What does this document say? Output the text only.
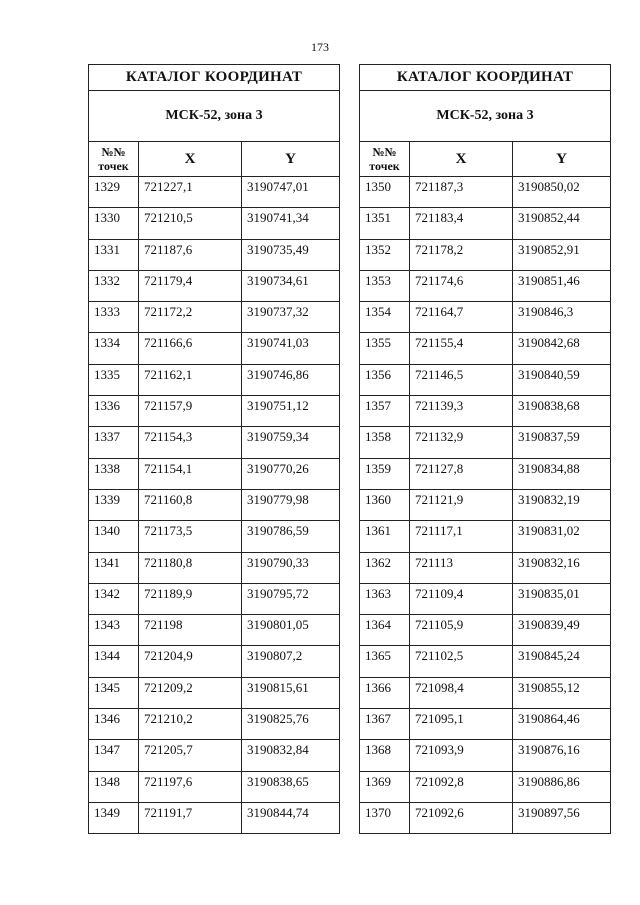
173
КАТАЛОГ КООРДИНАТ		
МСК-52, зона 3		
№№
точек	X	Y
1329	721227,1	3190747,01
1330	721210,5	3190741,34
1331	721187,6	3190735,49
1332	721179,4	3190734,61
1333	721172,2	3190737,32
1334	721166,6	3190741,03
1335	721162,1	3190746,86
1336	721157,9	3190751,12
1337	721154,3	3190759,34
1338	721154,1	3190770,26
1339	721160,8	3190779,98
1340	721173,5	3190786,59
1341	721180,8	3190790,33
1342	721189,9	3190795,72
1343	721198	3190801,05
1344	721204,9	3190807,2
1345	721209,2	3190815,61
1346	721210,2	3190825,76
1347	721205,7	3190832,84
1348	721197,6	3190838,65
1349	721191,7	3190844,74
КАТАЛОГ КООРДИНАТ		
МСК-52, зона 3		
№№
точек	X	Y
1350	721187,3	3190850,02
1351	721183,4	3190852,44
1352	721178,2	3190852,91
1353	721174,6	3190851,46
1354	721164,7	3190846,3
1355	721155,4	3190842,68
1356	721146,5	3190840,59
1357	721139,3	3190838,68
1358	721132,9	3190837,59
1359	721127,8	3190834,88
1360	721121,9	3190832,19
1361	721117,1	3190831,02
1362	721113	3190832,16
1363	721109,4	3190835,01
1364	721105,9	3190839,49
1365	721102,5	3190845,24
1366	721098,4	3190855,12
1367	721095,1	3190864,46
1368	721093,9	3190876,16
1369	721092,8	3190886,86
1370	721092,6	3190897,56
